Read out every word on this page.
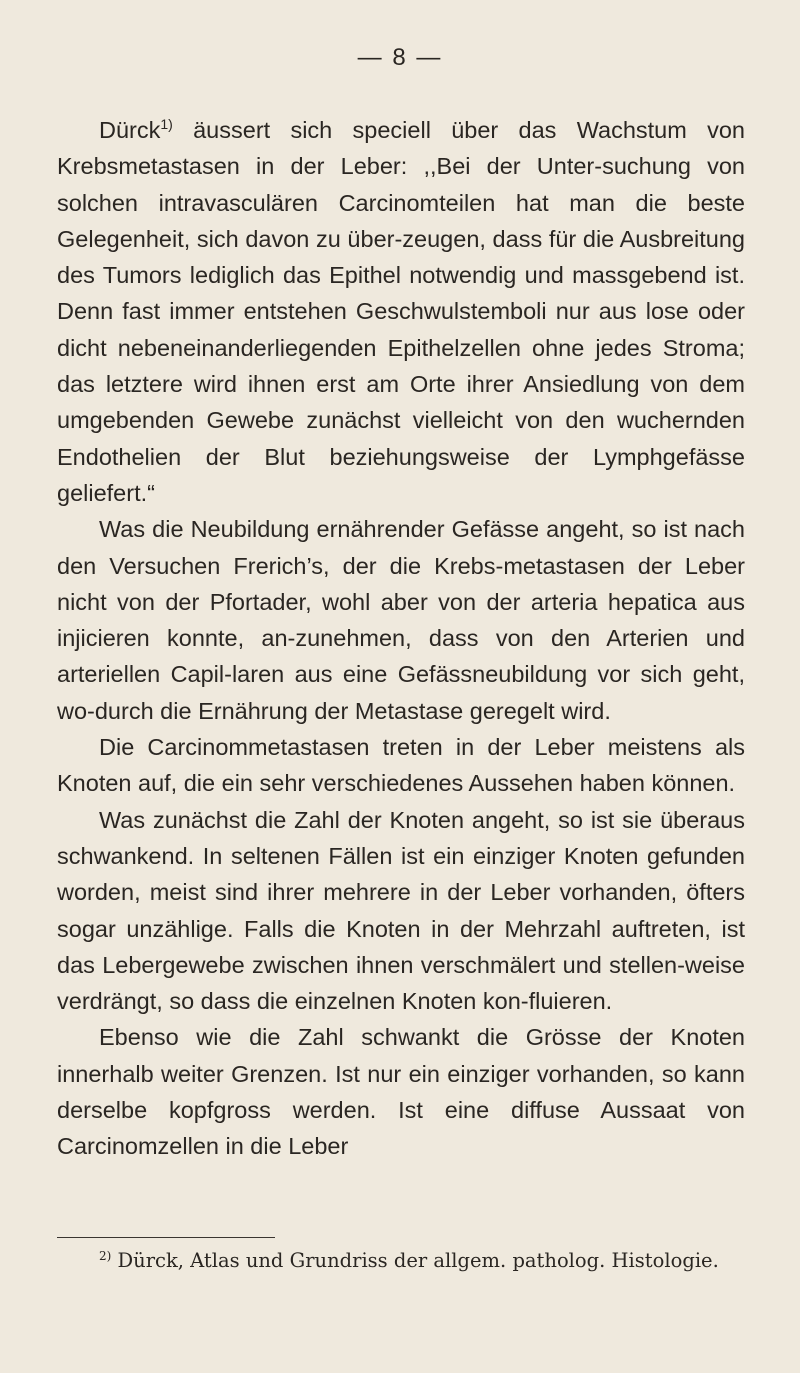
— 8 —

Dürck$^{1)}$ äussert sich speciell über das Wachstum von Krebsmetastasen in der Leber: ,,Bei der Unter-suchung von solchen intravasculären Carcinomteilen hat man die beste Gelegenheit, sich davon zu über-zeugen, dass für die Ausbreitung des Tumors lediglich das Epithel notwendig und massgebend ist. Denn fast immer entstehen Geschwulstemboli nur aus lose oder dicht nebeneinanderliegenden Epithelzellen ohne jedes Stroma; das letztere wird ihnen erst am Orte ihrer Ansiedlung von dem umgebenden Gewebe zunächst vielleicht von den wuchernden Endothelien der Blut beziehungsweise der Lymphgefässe geliefert.“

Was die Neubildung ernährender Gefässe angeht, so ist nach den Versuchen Frerich’s, der die Krebs-metastasen der Leber nicht von der Pfortader, wohl aber von der arteria hepatica aus injicieren konnte, an-zunehmen, dass von den Arterien und arteriellen Capil-laren aus eine Gefässneubildung vor sich geht, wo-durch die Ernährung der Metastase geregelt wird.

Die Carcinommetastasen treten in der Leber meistens als Knoten auf, die ein sehr verschiedenes Aussehen haben können.

Was zunächst die Zahl der Knoten angeht, so ist sie überaus schwankend. In seltenen Fällen ist ein einziger Knoten gefunden worden, meist sind ihrer mehrere in der Leber vorhanden, öfters sogar unzählige. Falls die Knoten in der Mehrzahl auftreten, ist das Lebergewebe zwischen ihnen verschmälert und stellen-weise verdrängt, so dass die einzelnen Knoten kon-fluieren.

Ebenso wie die Zahl schwankt die Grösse der Knoten innerhalb weiter Grenzen. Ist nur ein einziger vorhanden, so kann derselbe kopfgross werden. Ist eine diffuse Aussaat von Carcinomzellen in die Leber

$^{2)}$ Dürck, Atlas und Grundriss der allgem. patholog. Histologie.
